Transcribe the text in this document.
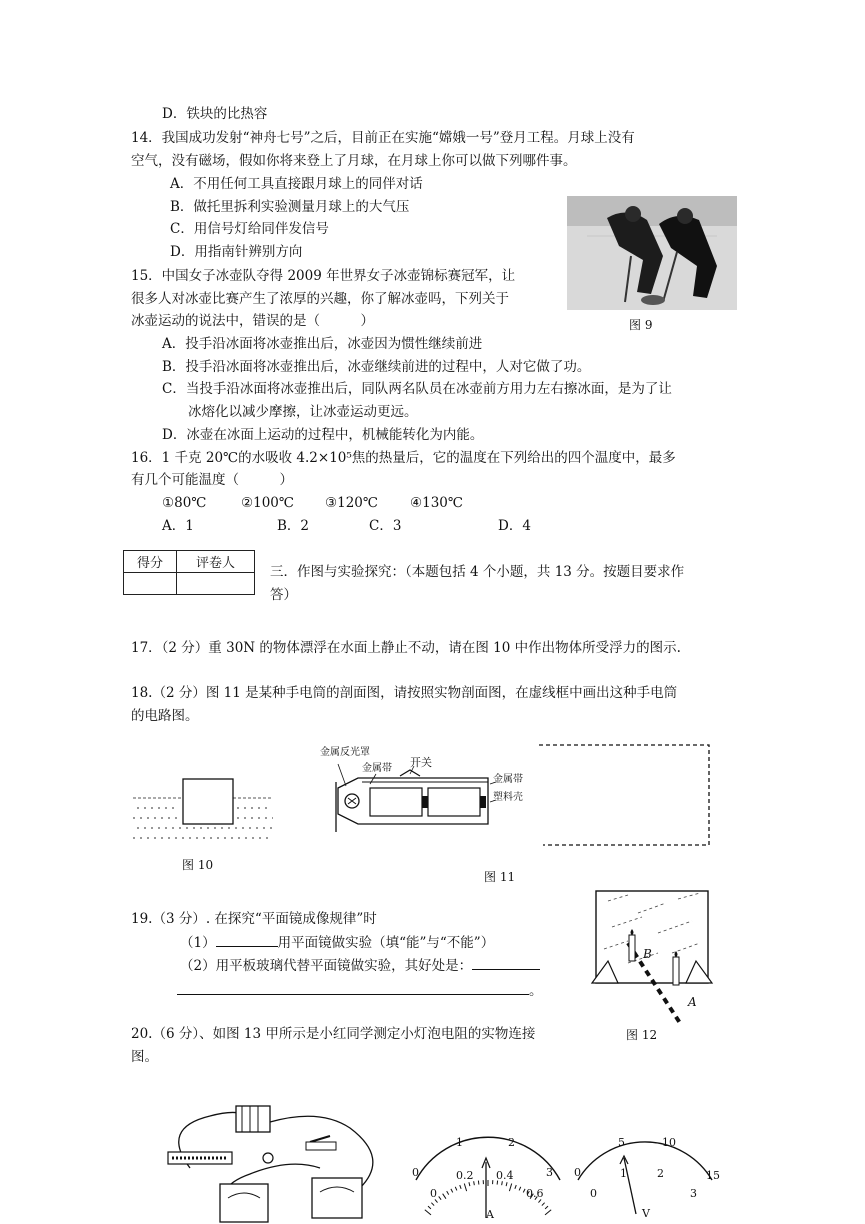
D．铁块的比热容
14．我国成功发射“神舟七号”之后，目前正在实施“嫦娥一号”登月工程。月球上没有
空气，没有磁场，假如你将来登上了月球，在月球上你可以做下列哪件事。
A．不用任何工具直接跟月球上的同伴对话
B．做托里拆利实验测量月球上的大气压
C．用信号灯给同伴发信号
D．用指南针辨别方向
图 9
15．中国女子冰壶队夺得 2009 年世界女子冰壶锦标赛冠军，让
很多人对冰壶比赛产生了浓厚的兴趣，你了解冰壶吗，下列关于
冰壶运动的说法中，错误的是（　　　）
A．投手沿冰面将冰壶推出后，冰壶因为惯性继续前进
B．投手沿冰面将冰壶推出后，冰壶继续前进的过程中，人对它做了功。
C．当投手沿冰面将冰壶推出后，同队两名队员在冰壶前方用力左右擦冰面，是为了让
冰熔化以减少摩擦，让冰壶运动更远。
D．冰壶在冰面上运动的过程中，机械能转化为内能。
16．1 千克 20℃的水吸收 4.2×10⁵焦的热量后，它的温度在下列给出的四个温度中，最多
有几个可能温度（　　　）
①80℃	②100℃ ③120℃ ④130℃
A．1	B．2	C．3	D．4
得分	评卷人

三．作图与实验探究：（本题包括 4 个小题，共 13 分。按题目要求作
答）
17．（2 分）重 30N 的物体漂浮在水面上静止不动，请在图 10 中作出物体所受浮力的图示.
18.（2 分）图 11 是某种手电筒的剖面图，请按照实物剖面图，在虚线框中画出这种手电筒
的电路图。
图 10
金属反光罩
金属帯 开关
金属帯
塑料壳
图 11
19.（3 分）. 在探究“平面镜成像规律”时
（1）	用平面镜做实验（填“能”与“不能”）
（2）用平板玻璃代替平面镜做实验，其好处是：
。
B
A
图 12
20.（6 分）、如图 13 甲所示是小红同学测定小灯泡电阻的实物连接
图。
0
1	2
3
0
0.2 0.4
0.6
A
0
5	10
15
0
1	2
3
V
